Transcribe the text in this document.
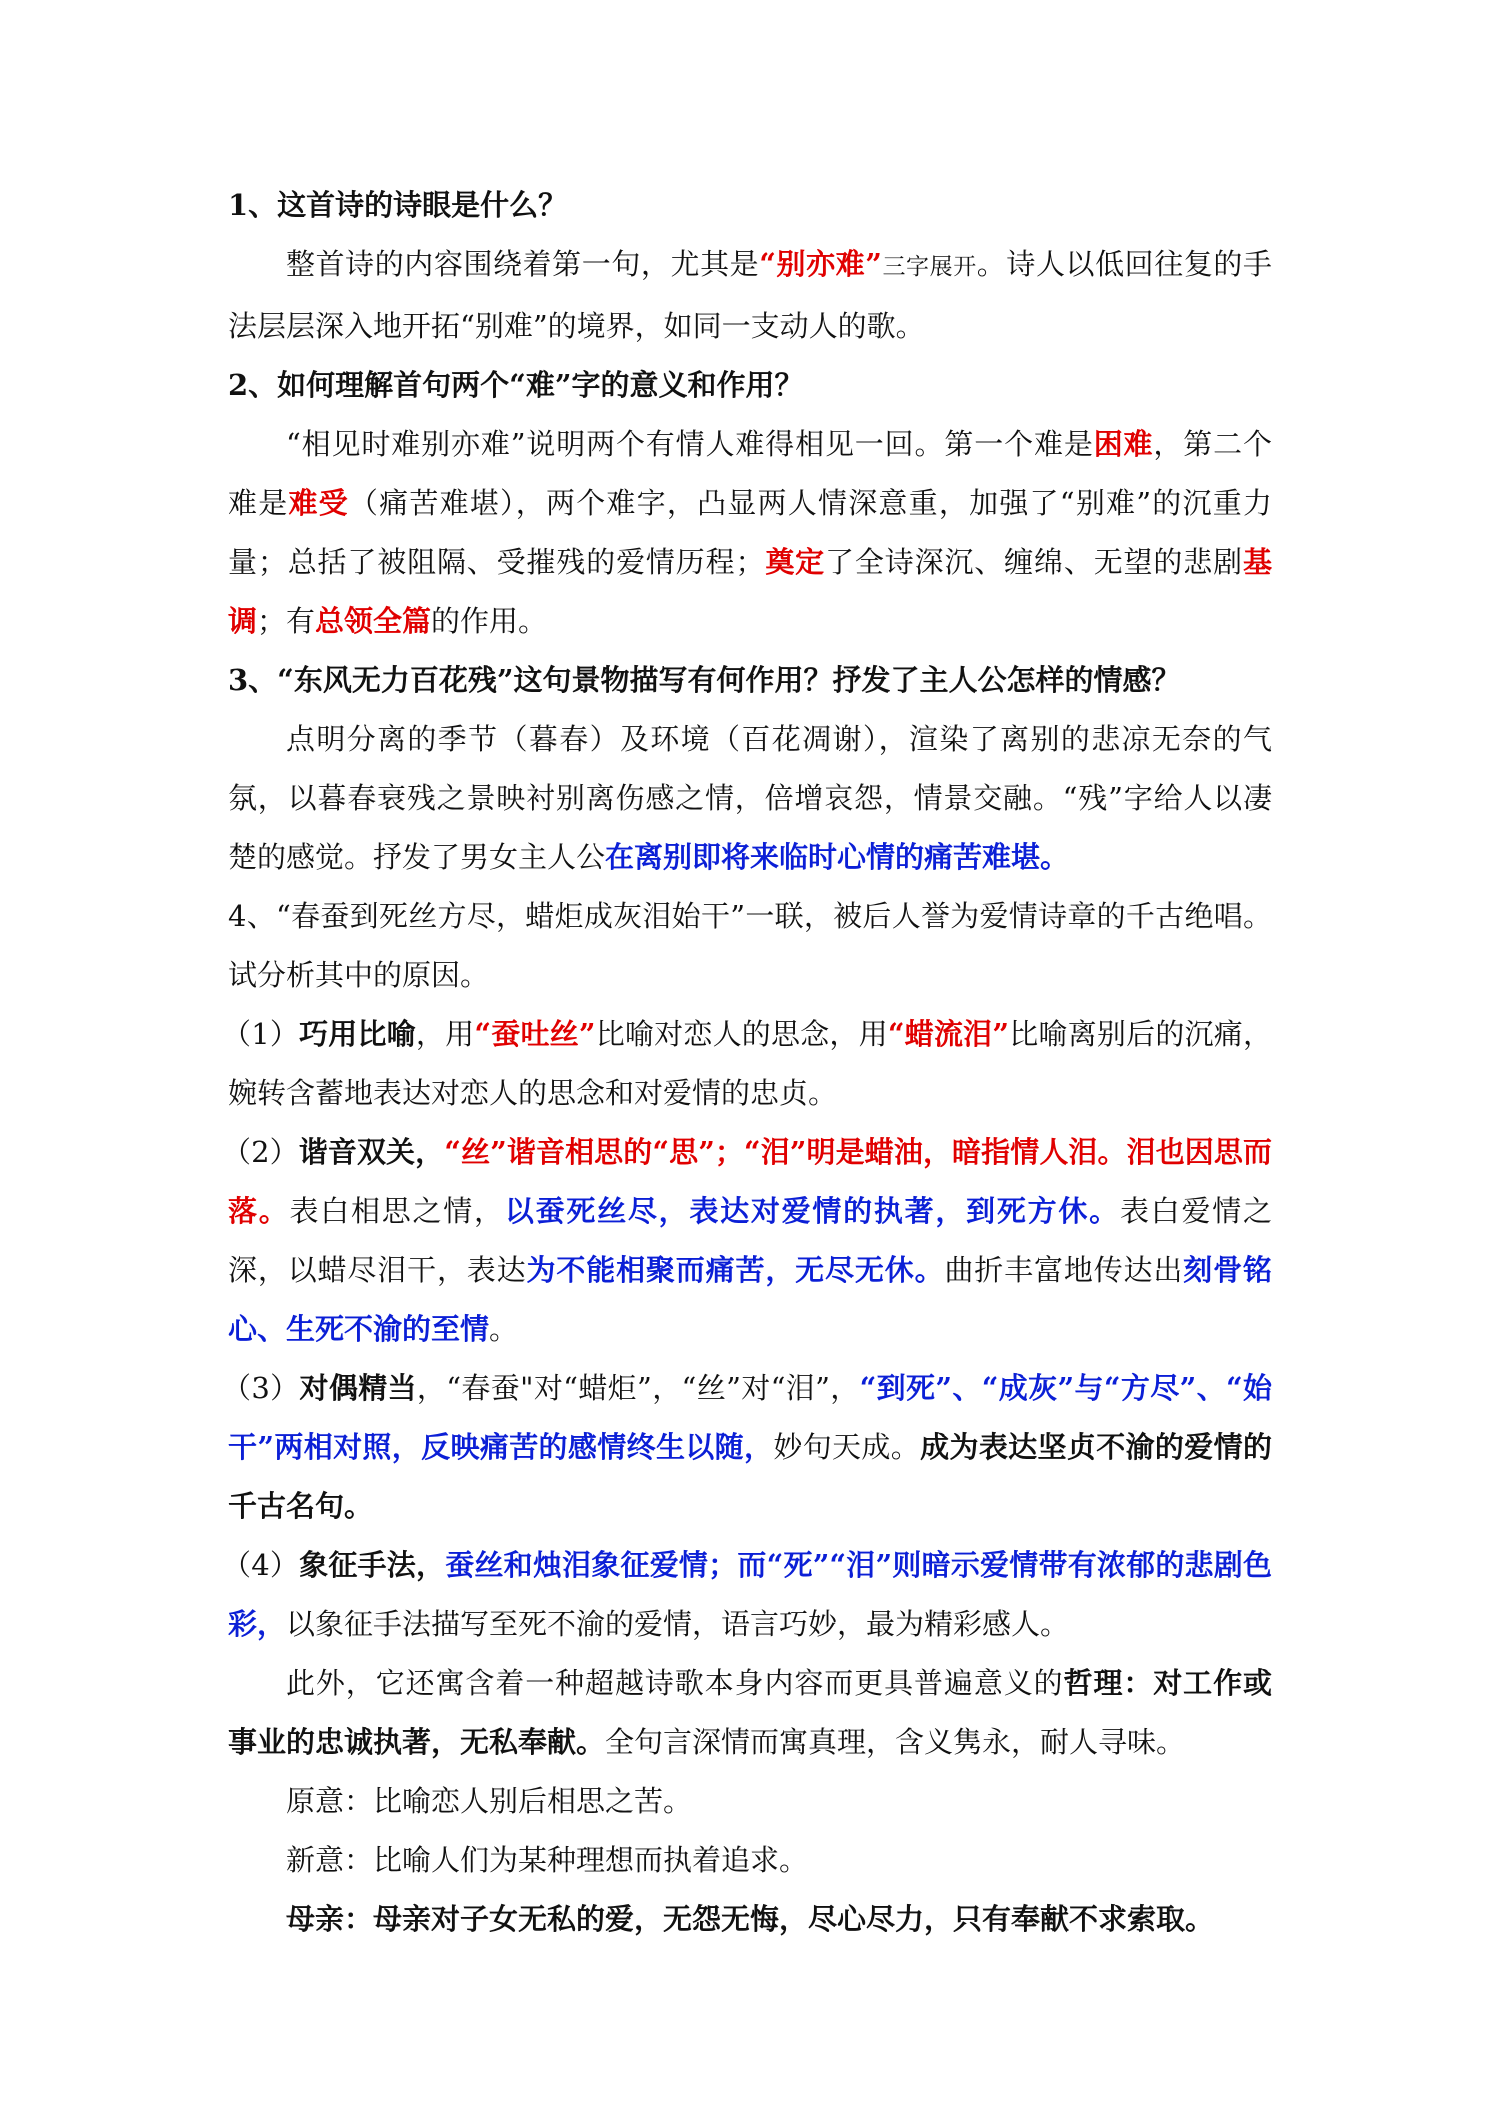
1、这首诗的诗眼是什么？

整首诗的内容围绕着第一句，尤其是“别亦难”三字展开。诗人以低回往复的手法层层深入地开拓“别难”的境界，如同一支动人的歌。

2、如何理解首句两个“难”字的意义和作用？

“相见时难别亦难”说明两个有情人难得相见一回。第一个难是困难，第二个难是难受（痛苦难堪），两个难字，凸显两人情深意重，加强了“别难”的沉重力量；总括了被阻隔、受摧残的爱情历程；奠定了全诗深沉、缠绵、无望的悲剧基调；有总领全篇的作用。

3、“东风无力百花残”这句景物描写有何作用？抒发了主人公怎样的情感？

点明分离的季节（暮春）及环境（百花凋谢），渲染了离别的悲凉无奈的气氛，以暮春衰残之景映衬别离伤感之情，倍增哀怨，情景交融。“残”字给人以凄楚的感觉。抒发了男女主人公在离别即将来临时心情的痛苦难堪。

4、“春蚕到死丝方尽，蜡炬成灰泪始干”一联，被后人誉为爱情诗章的千古绝唱。试分析其中的原因。

（1）巧用比喻，用“蚕吐丝”比喻对恋人的思念，用“蜡流泪”比喻离别后的沉痛，婉转含蓄地表达对恋人的思念和对爱情的忠贞。

（2）谐音双关，“丝”谐音相思的“思”；“泪”明是蜡油，暗指情人泪。泪也因思而落。表白相思之情，以蚕死丝尽，表达对爱情的执著，到死方休。表白爱情之深，以蜡尽泪干，表达为不能相聚而痛苦，无尽无休。曲折丰富地传达出刻骨铭心、生死不渝的至情。

（3）对偶精当，“春蚕"对“蜡炬”，“丝”对“泪”，“到死”、“成灰”与“方尽”、“始干”两相对照，反映痛苦的感情终生以随，妙句天成。成为表达坚贞不渝的爱情的千古名句。

（4）象征手法，蚕丝和烛泪象征爱情；而“死”“泪”则暗示爱情带有浓郁的悲剧色彩，以象征手法描写至死不渝的爱情，语言巧妙，最为精彩感人。

此外，它还寓含着一种超越诗歌本身内容而更具普遍意义的哲理：对工作或事业的忠诚执著，无私奉献。全句言深情而寓真理，含义隽永，耐人寻味。

原意：比喻恋人别后相思之苦。

新意：比喻人们为某种理想而执着追求。

母亲：母亲对子女无私的爱，无怨无悔，尽心尽力，只有奉献不求索取。
